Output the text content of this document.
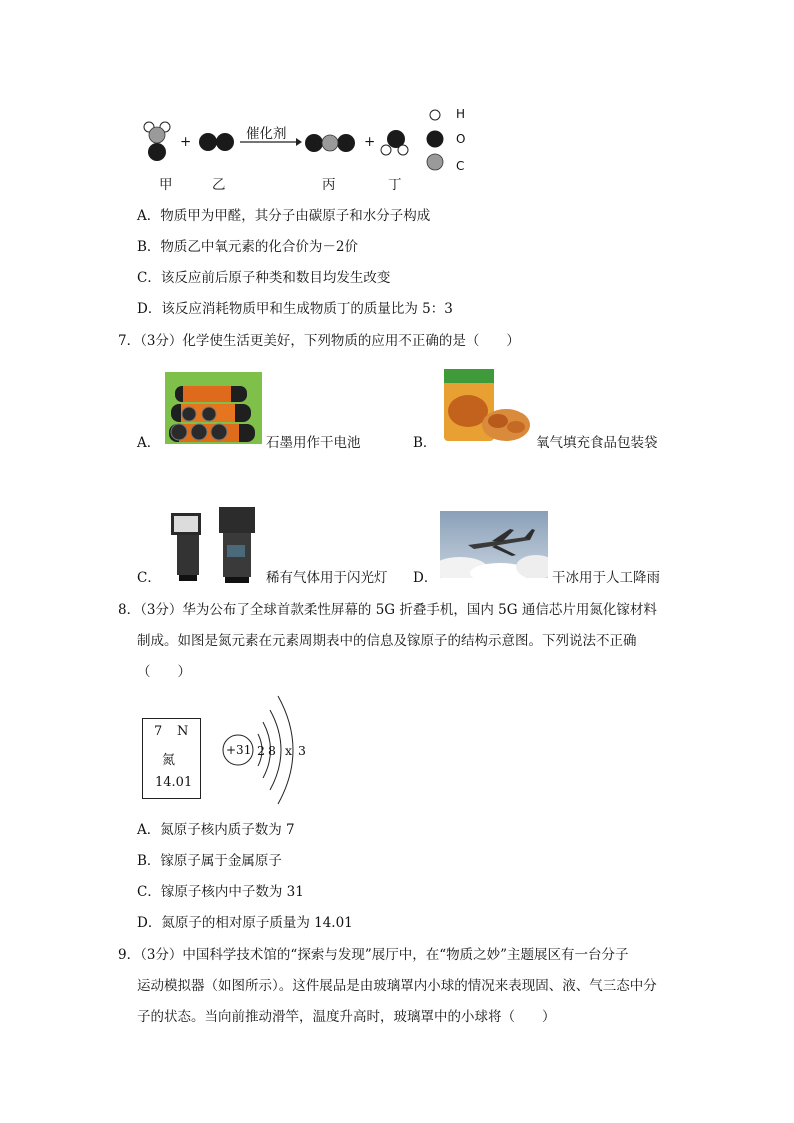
+	催化剂	+
甲	乙	丙	丁
H
O
C
A．物质甲为甲醛，其分子由碳原子和水分子构成
B．物质乙中氧元素的化合价为－2价
C．该反应前后原子种类和数目均发生改变
D．该反应消耗物质甲和生成物质丁的质量比为 5：3
7．（3分）化学使生活更美好，下列物质的应用不正确的是（　　）
A．	石墨用作干电池	B．	氧气填充食品包装袋
C．	稀有气体用于闪光灯 D．	干冰用于人工降雨
8．（3分）华为公布了全球首款柔性屏幕的 5G 折叠手机，国内 5G 通信芯片用氮化镓材料
制成。如图是氮元素在元素周期表中的信息及镓原子的结构示意图。下列说法不正确
（　　）
7 N
氮
14.01
+31 2 8 x 3
A．氮原子核内质子数为 7
B．镓原子属于金属原子
C．镓原子核内中子数为 31
D．氮原子的相对原子质量为 14.01
9．（3分）中国科学技术馆的“探索与发现”展厅中，在“物质之妙”主题展区有一台分子
运动模拟器（如图所示）。这件展品是由玻璃罩内小球的情况来表现固、液、气三态中分
子的状态。当向前推动滑竿，温度升高时，玻璃罩中的小球将（　　）
